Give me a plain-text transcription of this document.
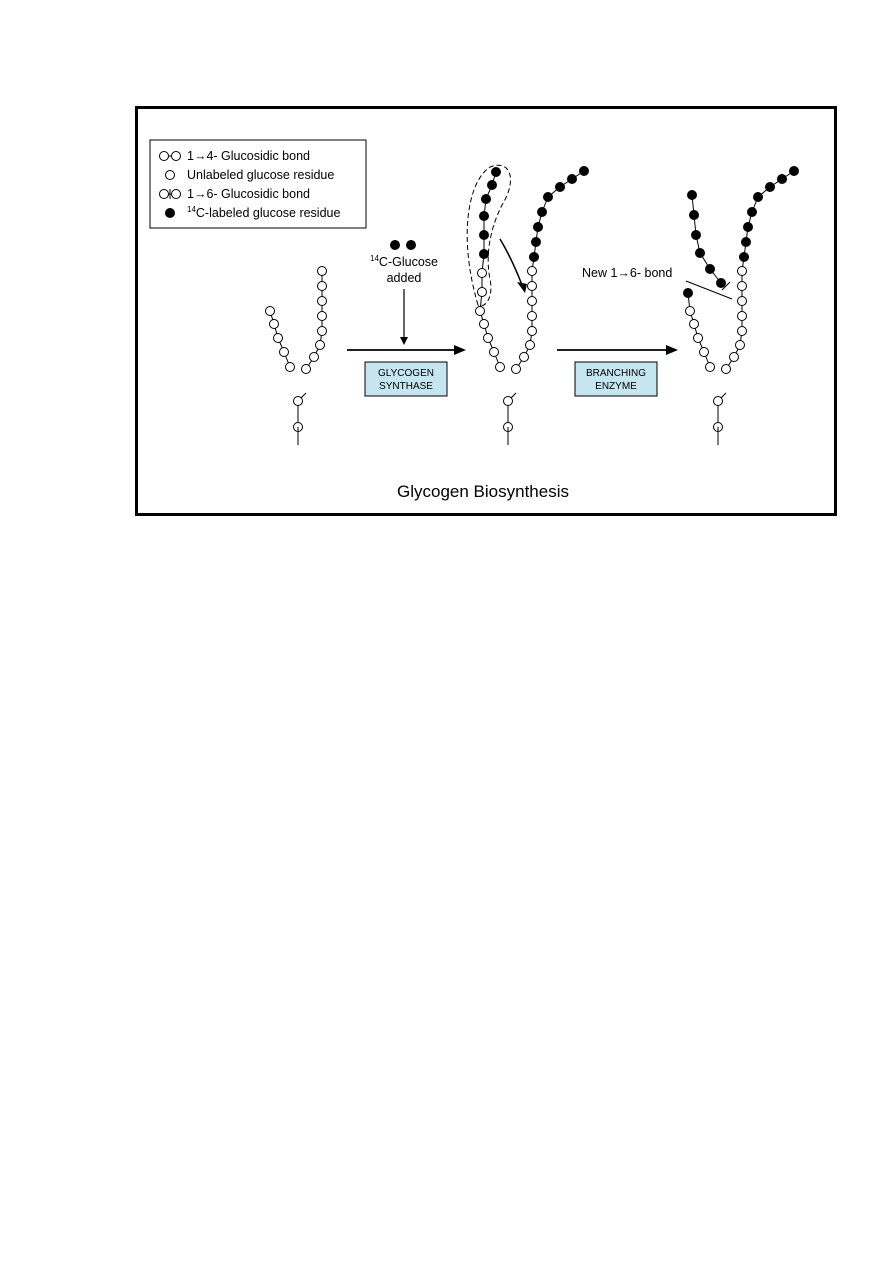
1→4- Glucosidic bond
Unlabeled glucose residue
1→6- Glucosidic bond
$^{14}$C-labeled glucose residue
$^{14}$C-Glucose
added
GLYCOGEN
SYNTHASE
BRANCHING
ENZYME
New 1→6- bond
Glycogen Biosynthesis
